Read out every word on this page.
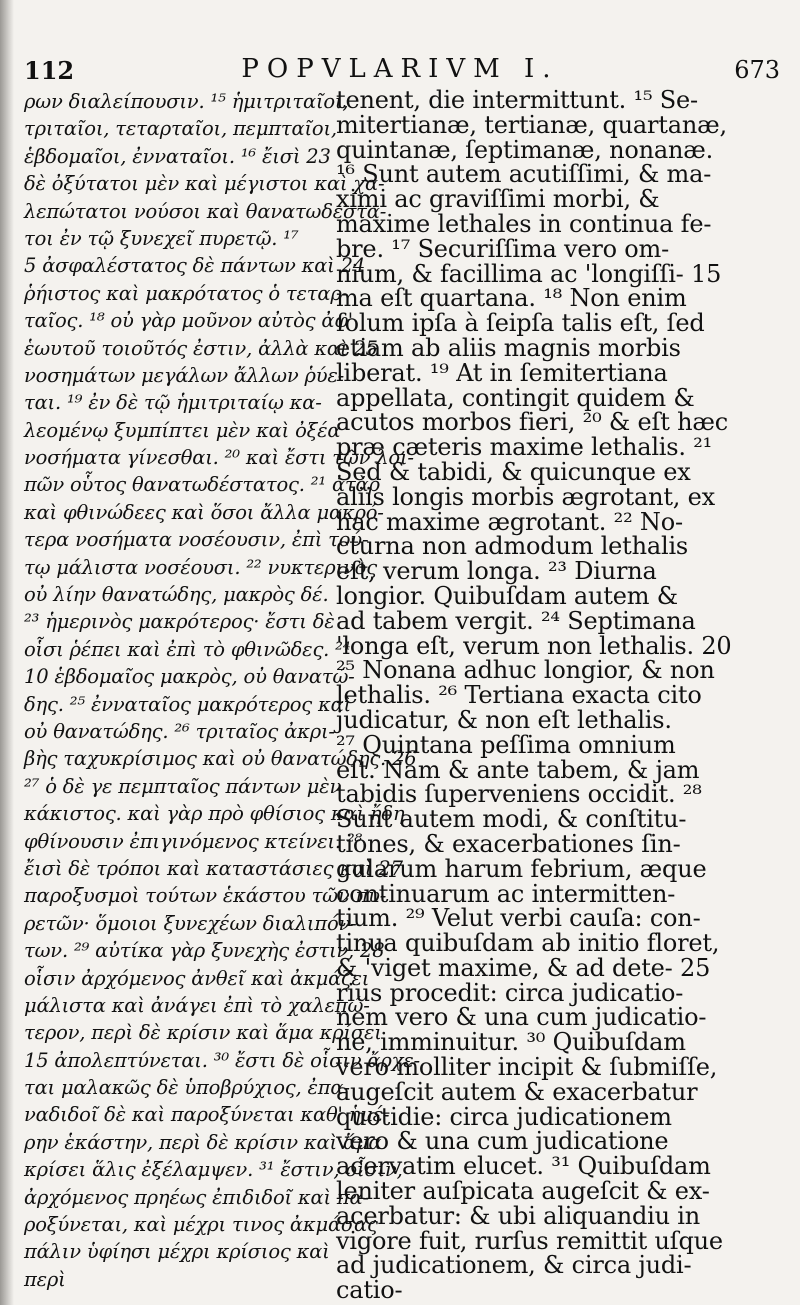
112	POPVLARIVM I.	673
ρων διαλείπουσιν. ¹⁵ ἡμιτριταῖοι,
τριταῖοι, τεταρταῖοι, πεμπταῖοι,
ἑβδομαῖοι, ἐνναταῖοι. ¹⁶ ἔισὶ 23
δὲ ὀξύτατοι μὲν καὶ μέγιστοι καὶ χα-
λεπώτατοι νούσοι καὶ θανατωδέστα-
τοι ἐν τῷ ξυνεχεῖ πυρετῷ. ¹⁷
5 ἀσφαλέστατος δὲ πάντων καὶ 24
ῥήιστος καὶ μακρότατος ὁ τεταρ-
ταῖος. ¹⁸ οὐ γὰρ μοῦνον αὐτὸς ἀφ'
ἑωυτοῦ τοιοῦτός ἐστιν, ἀλλὰ καὶ 25
νοσημάτων μεγάλων ἄλλων ῥύε-
ται. ¹⁹ ἐν δὲ τῷ ἡμιτριταίῳ κα-
λεομένῳ ξυμπίπτει μὲν καὶ ὀξέα
νοσήματα γίνεσθαι. ²⁰ καὶ ἔστι τῶν λοι-
πῶν οὗτος θανατωδέστατος. ²¹ ἀτὰρ
καὶ φθινώδεες καὶ ὅσοι ἄλλα μακρό-
τερα νοσήματα νοσέουσιν, ἐπὶ τού-
τῳ μάλιστα νοσέουσι. ²² νυκτερινὸς
οὐ λίην θανατώδης, μακρὸς δέ.
²³ ἡμερινὸς μακρότερος· ἔστι δὲ
οἷσι ῥέπει καὶ ἐπὶ τὸ φθινῶδες. ²⁴
10 ἑβδομαῖος μακρὸς, οὐ θανατώ-
δης. ²⁵ ἐνναταῖος μακρότερος καὶ
οὐ θανατώδης. ²⁶ τριταῖος ἀκρι-
βὴς ταχυκρίσιμος καὶ οὐ θανατώδης. 26
²⁷ ὁ δὲ γε πεμπταῖος πάντων μὲν
κάκιστος. καὶ γὰρ πρὸ φθίσιος καὶ ἤδη
φθίνουσιν ἐπιγινόμενος κτείνει. ²⁸
ἔισὶ δὲ τρόποι καὶ καταστάσιες καὶ 27
παροξυσμοὶ τούτων ἑκάστου τῶν πυ-
ρετῶν· ὅμοιοι ξυνεχέων διαλιπόν-
των. ²⁹ αὐτίκα γὰρ ξυνεχὴς ἐστιν, 28
οἷσιν ἀρχόμενος ἀνθεῖ καὶ ἀκμάζει
μάλιστα καὶ ἀνάγει ἐπὶ τὸ χαλεπώ-
τερον, περὶ δὲ κρίσιν καὶ ἅμα κρίσει
15 ἀπολεπτύνεται. ³⁰ ἔστι δὲ οἷσιν ἄρχε-
ται μαλακῶς δὲ ὑποβρύχιος, ἐπα-
ναδιδοῖ δὲ καὶ παροξύνεται καθ' ἡμέ-
ρην ἑκάστην, περὶ δὲ κρίσιν καὶ ἅμα
κρίσει ἅλις ἐξέλαμψεν. ³¹ ἔστιν, οἷσιν,
ἀρχόμενος πρηέως ἐπιδιδοῖ καὶ πα-
ροξύνεται, καὶ μέχρι τινος ἀκμάσας
πάλιν ὑφίησι μέχρι κρίσιος καὶ
περὶ
tenent, die intermittunt. ¹⁵ Se-
mitertianæ, tertianæ, quartanæ,
quintanæ, ſeptimanæ, nonanæ.
¹⁶ Sunt autem acutiſſimi, & ma-
ximi ac graviſſimi morbi, &
maxime lethales in continua fe-
bre. ¹⁷ Securiſſima vero om-
nium, & facillima ac 'longiſſi- 15
ma eſt quartana. ¹⁸ Non enim
ſolum ipſa à ſeipſa talis eſt, ſed
etiam ab aliis magnis morbis
liberat. ¹⁹ At in ſemitertiana
appellata, contingit quidem &
acutos morbos fieri, ²⁰ & eſt hæc
præ cæteris maxime lethalis. ²¹
Sed & tabidi, & quicunque ex
aliis longis morbis ægrotant, ex
hac maxime ægrotant. ²² No-
cturna non admodum lethalis
eſt, verum longa. ²³ Diurna
longior. Quibuſdam autem &
ad tabem vergit. ²⁴ Septimana
'longa eſt, verum non lethalis. 20
²⁵ Nonana adhuc longior, & non
lethalis. ²⁶ Tertiana exacta cito
judicatur, & non eſt lethalis.
²⁷ Quintana peſſima omnium
eſt. Nam & ante tabem, & jam
tabidis ſuperveniens occidit. ²⁸
Sunt autem modi, & conſtitu-
tiones, & exacerbationes ſin-
gularum harum febrium, æque
continuarum ac intermitten-
tium. ²⁹ Velut verbi cauſa: con-
tinua quibuſdam ab initio floret,
& 'viget maxime, & ad dete- 25
rius procedit: circa judicatio-
nem vero & una cum judicatio-
ne, imminuitur. ³⁰ Quibuſdam
vero molliter incipit & ſubmiſſe,
augeſcit autem & exacerbatur
quotidie: circa judicationem
vero & una cum judicatione
acervatim elucet. ³¹ Quibuſdam
leniter auſpicata augeſcit & ex-
acerbatur: & ubi aliquandiu in
vigore fuit, rurſus remittit uſque
ad judicationem, & circa judi-
catio-
